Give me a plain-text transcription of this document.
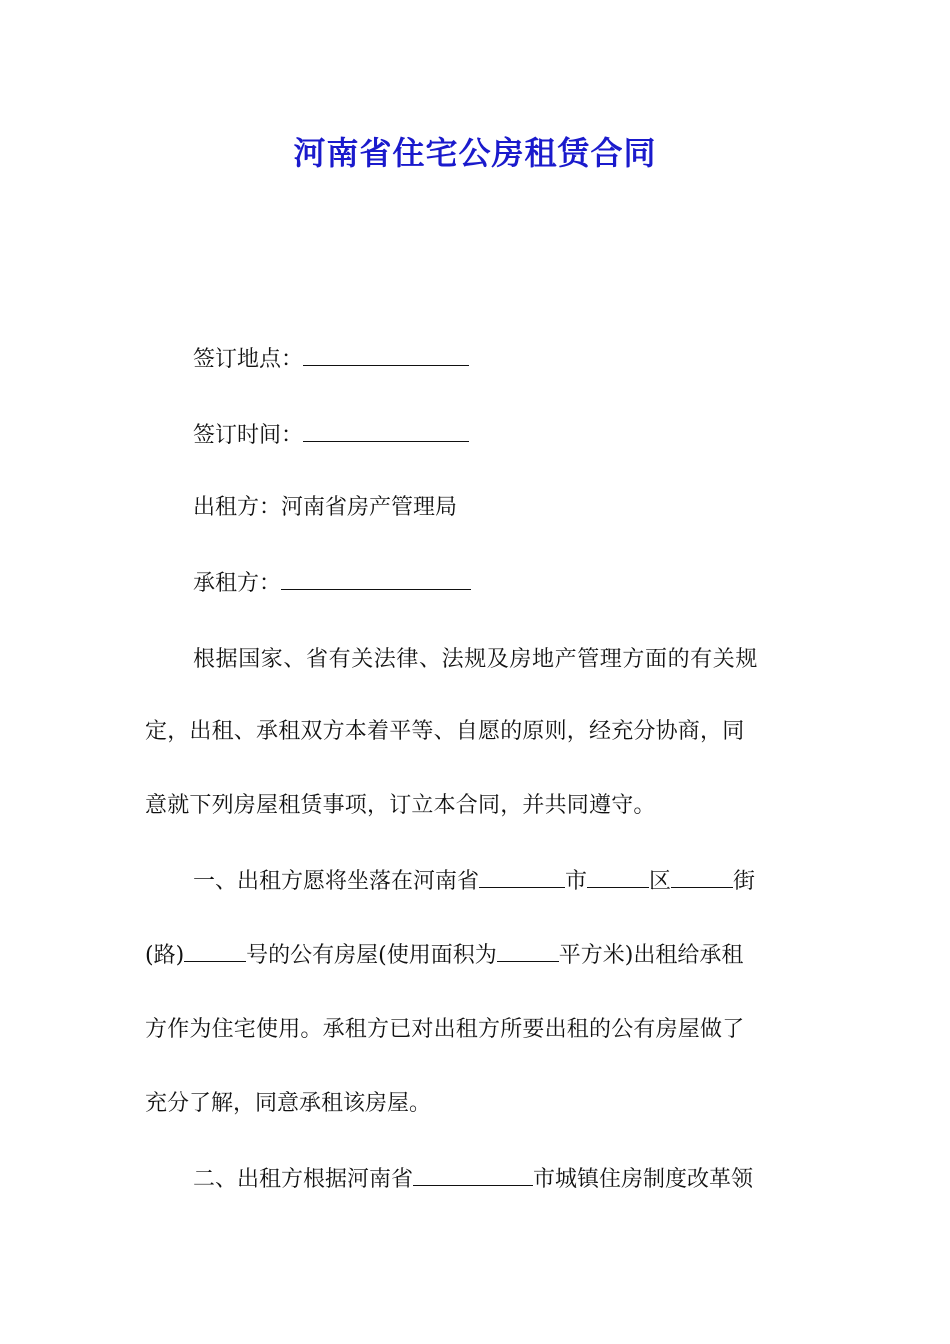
河南省住宅公房租赁合同
签订地点：
签订时间：
出租方：河南省房产管理局
承租方：
根据国家、省有关法律、法规及房地产管理方面的有关规
定，出租、承租双方本着平等、自愿的原则，经充分协商，同
意就下列房屋租赁事项，订立本合同，并共同遵守。
一、出租方愿将坐落在河南省	市	区	街
(路)	号的公有房屋(使用面积为	平方米)出租给承租
方作为住宅使用。承租方已对出租方所要出租的公有房屋做了
充分了解，同意承租该房屋。
二、出租方根据河南省	市城镇住房制度改革领
